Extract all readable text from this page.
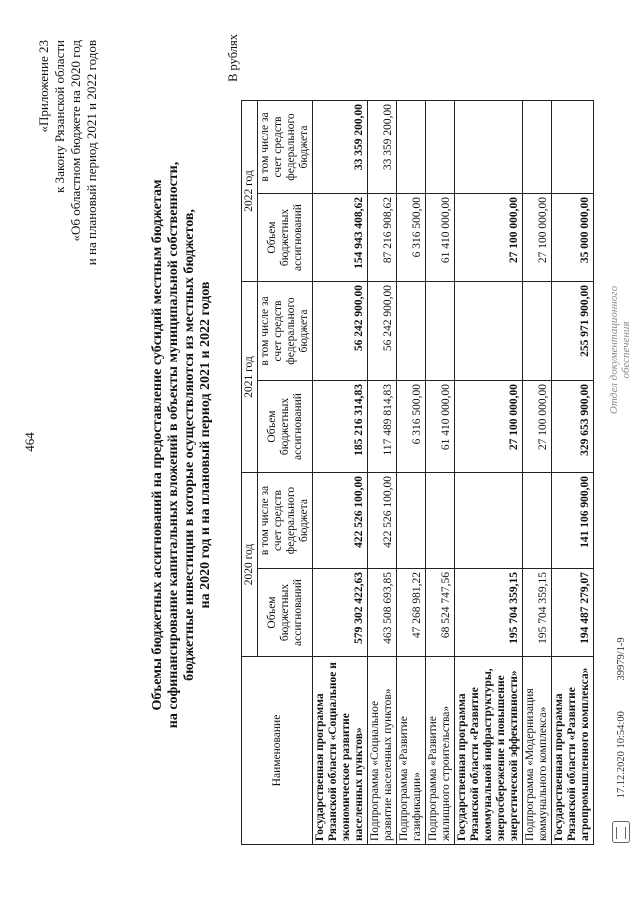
464
«Приложение 23 к Закону Рязанской области «Об областном бюджете на 2020 год и на плановый период 2021 и 2022 годов
Объемы бюджетных ассигнований на предоставление субсидий местным бюджетам на софинансирование капитальных вложений в объекты муниципальной собственности, бюджетные инвестиции в которые осуществляются из местных бюджетов, на 2020 год и на плановый период 2021 и 2022 годов
В рублях
Наименование	2020 год		2021 год		2022 год	
	Объем бюджетных ассигнований	в том числе за счет средств федерального бюджета	Объем бюджетных ассигнований	в том числе за счет средств федерального бюджета	Объем бюджетных ассигнований	в том числе за счет средств федерального бюджета
Государственная программа Рязанской области «Социальное и экономическое развитие населенных пунктов»	579 302 422,63	422 526 100,00	185 216 314,83	56 242 900,00	154 943 408,62	33 359 200,00
Подпрограмма «Социальное развитие населенных пунктов»	463 508 693,85	422 526 100,00	117 489 814,83	56 242 900,00	87 216 908,62	33 359 200,00
Подпрограмма «Развитие газификации»	47 268 981,22		6 316 500,00		6 316 500,00	
Подпрограмма «Развитие жилищного строительства»	68 524 747,56		61 410 000,00		61 410 000,00	
Государственная программа Рязанской области «Развитие коммунальной инфраструктуры, энергосбережение и повышение энергетической эффективности»	195 704 359,15		27 100 000,00		27 100 000,00	
Подпрограмма «Модернизация коммунального комплекса»	195 704 359,15		27 100 000,00		27 100 000,00	
Государственная программа Рязанской области «Развитие агропромышленного комплекса»	194 487 279,07	141 106 900,00	329 653 900,00	255 971 900,00	35 000 000,00	
17.12.2020 10:54:00 39979/1-9
Отдел документационного обеспечения
